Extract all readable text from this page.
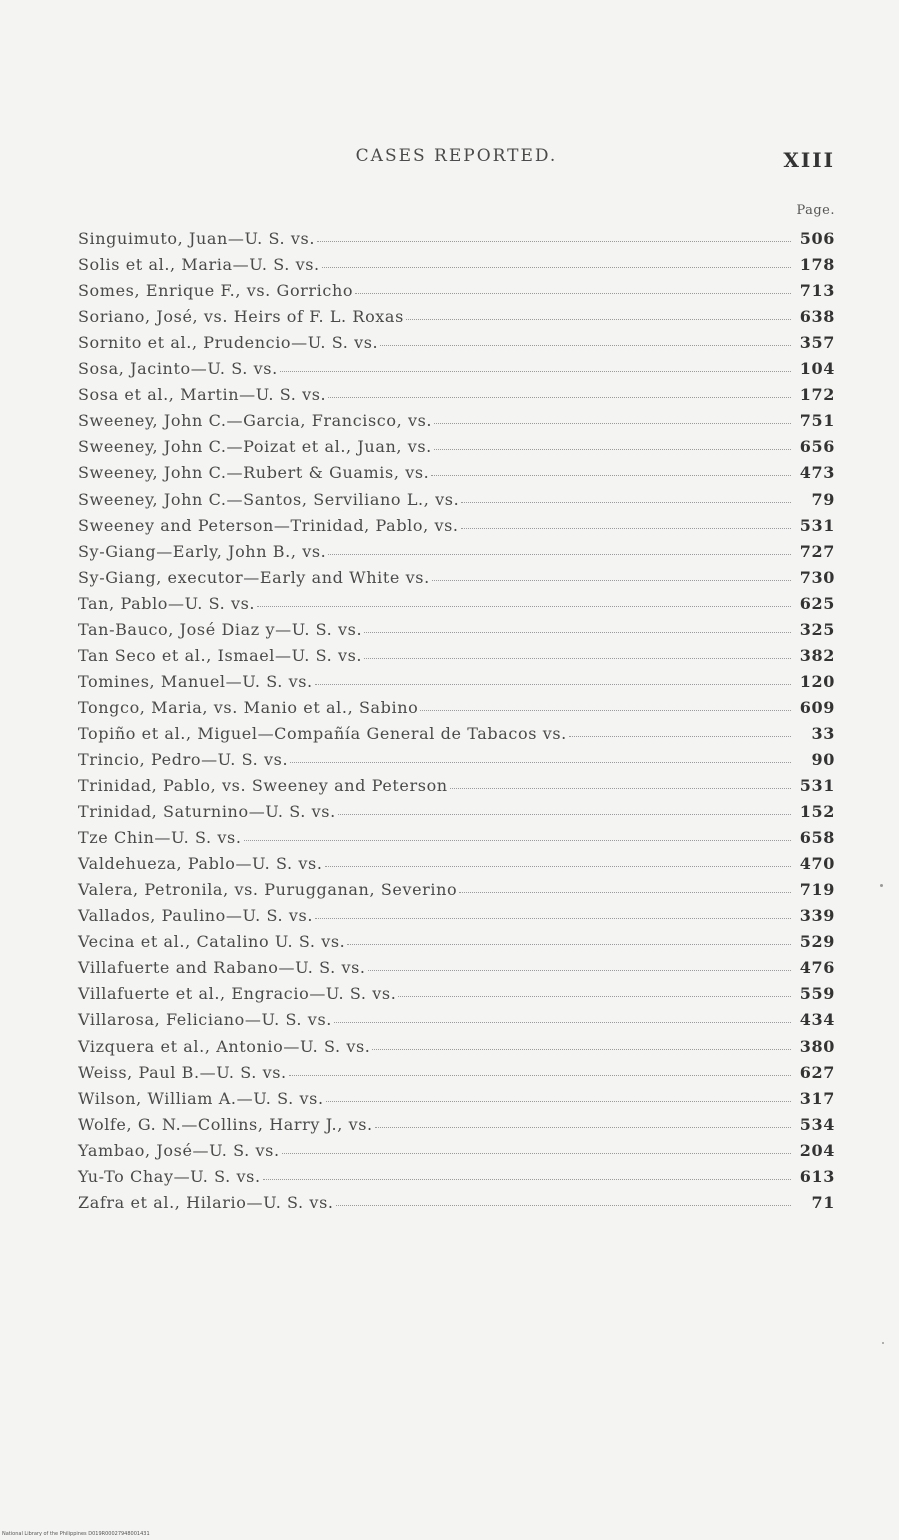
CASES REPORTED.	XIII
Page.
Singuimuto, Juan—U. S. vs.	506
Solis et al., Maria—U. S. vs.	178
Somes, Enrique F., vs. Gorricho	713
Soriano, José, vs. Heirs of F. L. Roxas	638
Sornito et al., Prudencio—U. S. vs.	357
Sosa, Jacinto—U. S. vs.	104
Sosa et al., Martin—U. S. vs.	172
Sweeney, John C.—Garcia, Francisco, vs.	751
Sweeney, John C.—Poizat et al., Juan, vs.	656
Sweeney, John C.—Rubert & Guamis, vs.	473
Sweeney, John C.—Santos, Serviliano L., vs.	79
Sweeney and Peterson—Trinidad, Pablo, vs.	531
Sy-Giang—Early, John B., vs.	727
Sy-Giang, executor—Early and White vs.	730
Tan, Pablo—U. S. vs.	625
Tan-Bauco, José Diaz y—U. S. vs.	325
Tan Seco et al., Ismael—U. S. vs.	382
Tomines, Manuel—U. S. vs.	120
Tongco, Maria, vs. Manio et al., Sabino	609
Topiño et al., Miguel—Compañía General de Tabacos vs.	33
Trincio, Pedro—U. S. vs.	90
Trinidad, Pablo, vs. Sweeney and Peterson	531
Trinidad, Saturnino—U. S. vs.	152
Tze Chin—U. S. vs.	658
Valdehueza, Pablo—U. S. vs.	470
Valera, Petronila, vs. Purugganan, Severino	719
Vallados, Paulino—U. S. vs.	339
Vecina et al., Catalino U. S. vs.	529
Villafuerte and Rabano—U. S. vs.	476
Villafuerte et al., Engracio—U. S. vs.	559
Villarosa, Feliciano—U. S. vs.	434
Vizquera et al., Antonio—U. S. vs.	380
Weiss, Paul B.—U. S. vs.	627
Wilson, William A.—U. S. vs.	317
Wolfe, G. N.—Collins, Harry J., vs.	534
Yambao, José—U. S. vs.	204
Yu-To Chay—U. S. vs.	613
Zafra et al., Hilario—U. S. vs.	71
National Library of the Philippines D019R00027948001431
